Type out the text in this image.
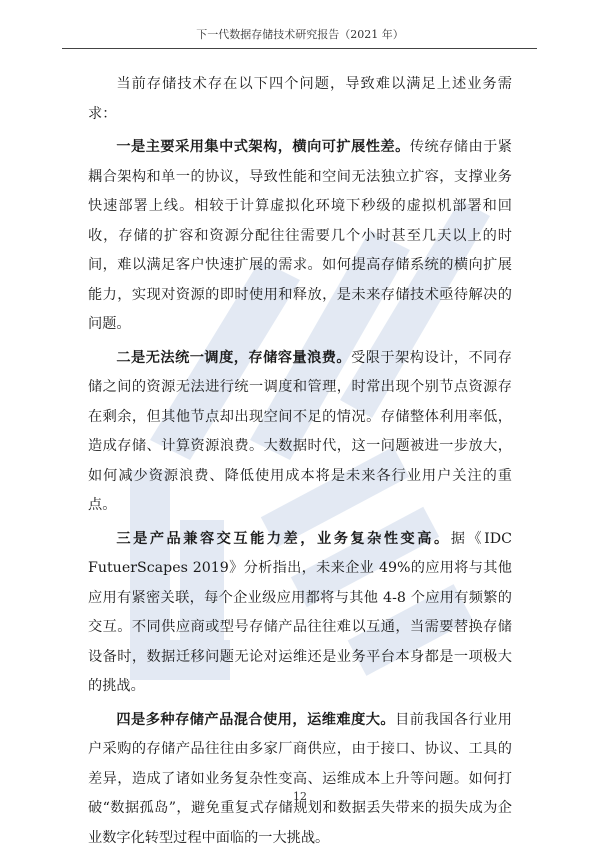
下一代数据存储技术研究报告（2021 年）

当前存储技术存在以下四个问题，导致难以满足上述业务需求：

一是主要采用集中式架构，横向可扩展性差。传统存储由于紧耦合架构和单一的协议，导致性能和空间无法独立扩容，支撑业务快速部署上线。相较于计算虚拟化环境下秒级的虚拟机部署和回收，存储的扩容和资源分配往往需要几个小时甚至几天以上的时间，难以满足客户快速扩展的需求。如何提高存储系统的横向扩展能力，实现对资源的即时使用和释放，是未来存储技术亟待解决的问题。

二是无法统一调度，存储容量浪费。受限于架构设计，不同存储之间的资源无法进行统一调度和管理，时常出现个别节点资源存在剩余，但其他节点却出现空间不足的情况。存储整体利用率低，造成存储、计算资源浪费。大数据时代，这一问题被进一步放大，如何减少资源浪费、降低使用成本将是未来各行业用户关注的重点。

三是产品兼容交互能力差，业务复杂性变高。据《IDC FutuerScapes 2019》分析指出，未来企业 49%的应用将与其他应用有紧密关联，每个企业级应用都将与其他 4-8 个应用有频繁的交互。不同供应商或型号存储产品往往难以互通，当需要替换存储设备时，数据迁移问题无论对运维还是业务平台本身都是一项极大的挑战。

四是多种存储产品混合使用，运维难度大。目前我国各行业用户采购的存储产品往往由多家厂商供应，由于接口、协议、工具的差异，造成了诸如业务复杂性变高、运维成本上升等问题。如何打破“数据孤岛”，避免重复式存储规划和数据丢失带来的损失成为企业数字化转型过程中面临的一大挑战。

12
